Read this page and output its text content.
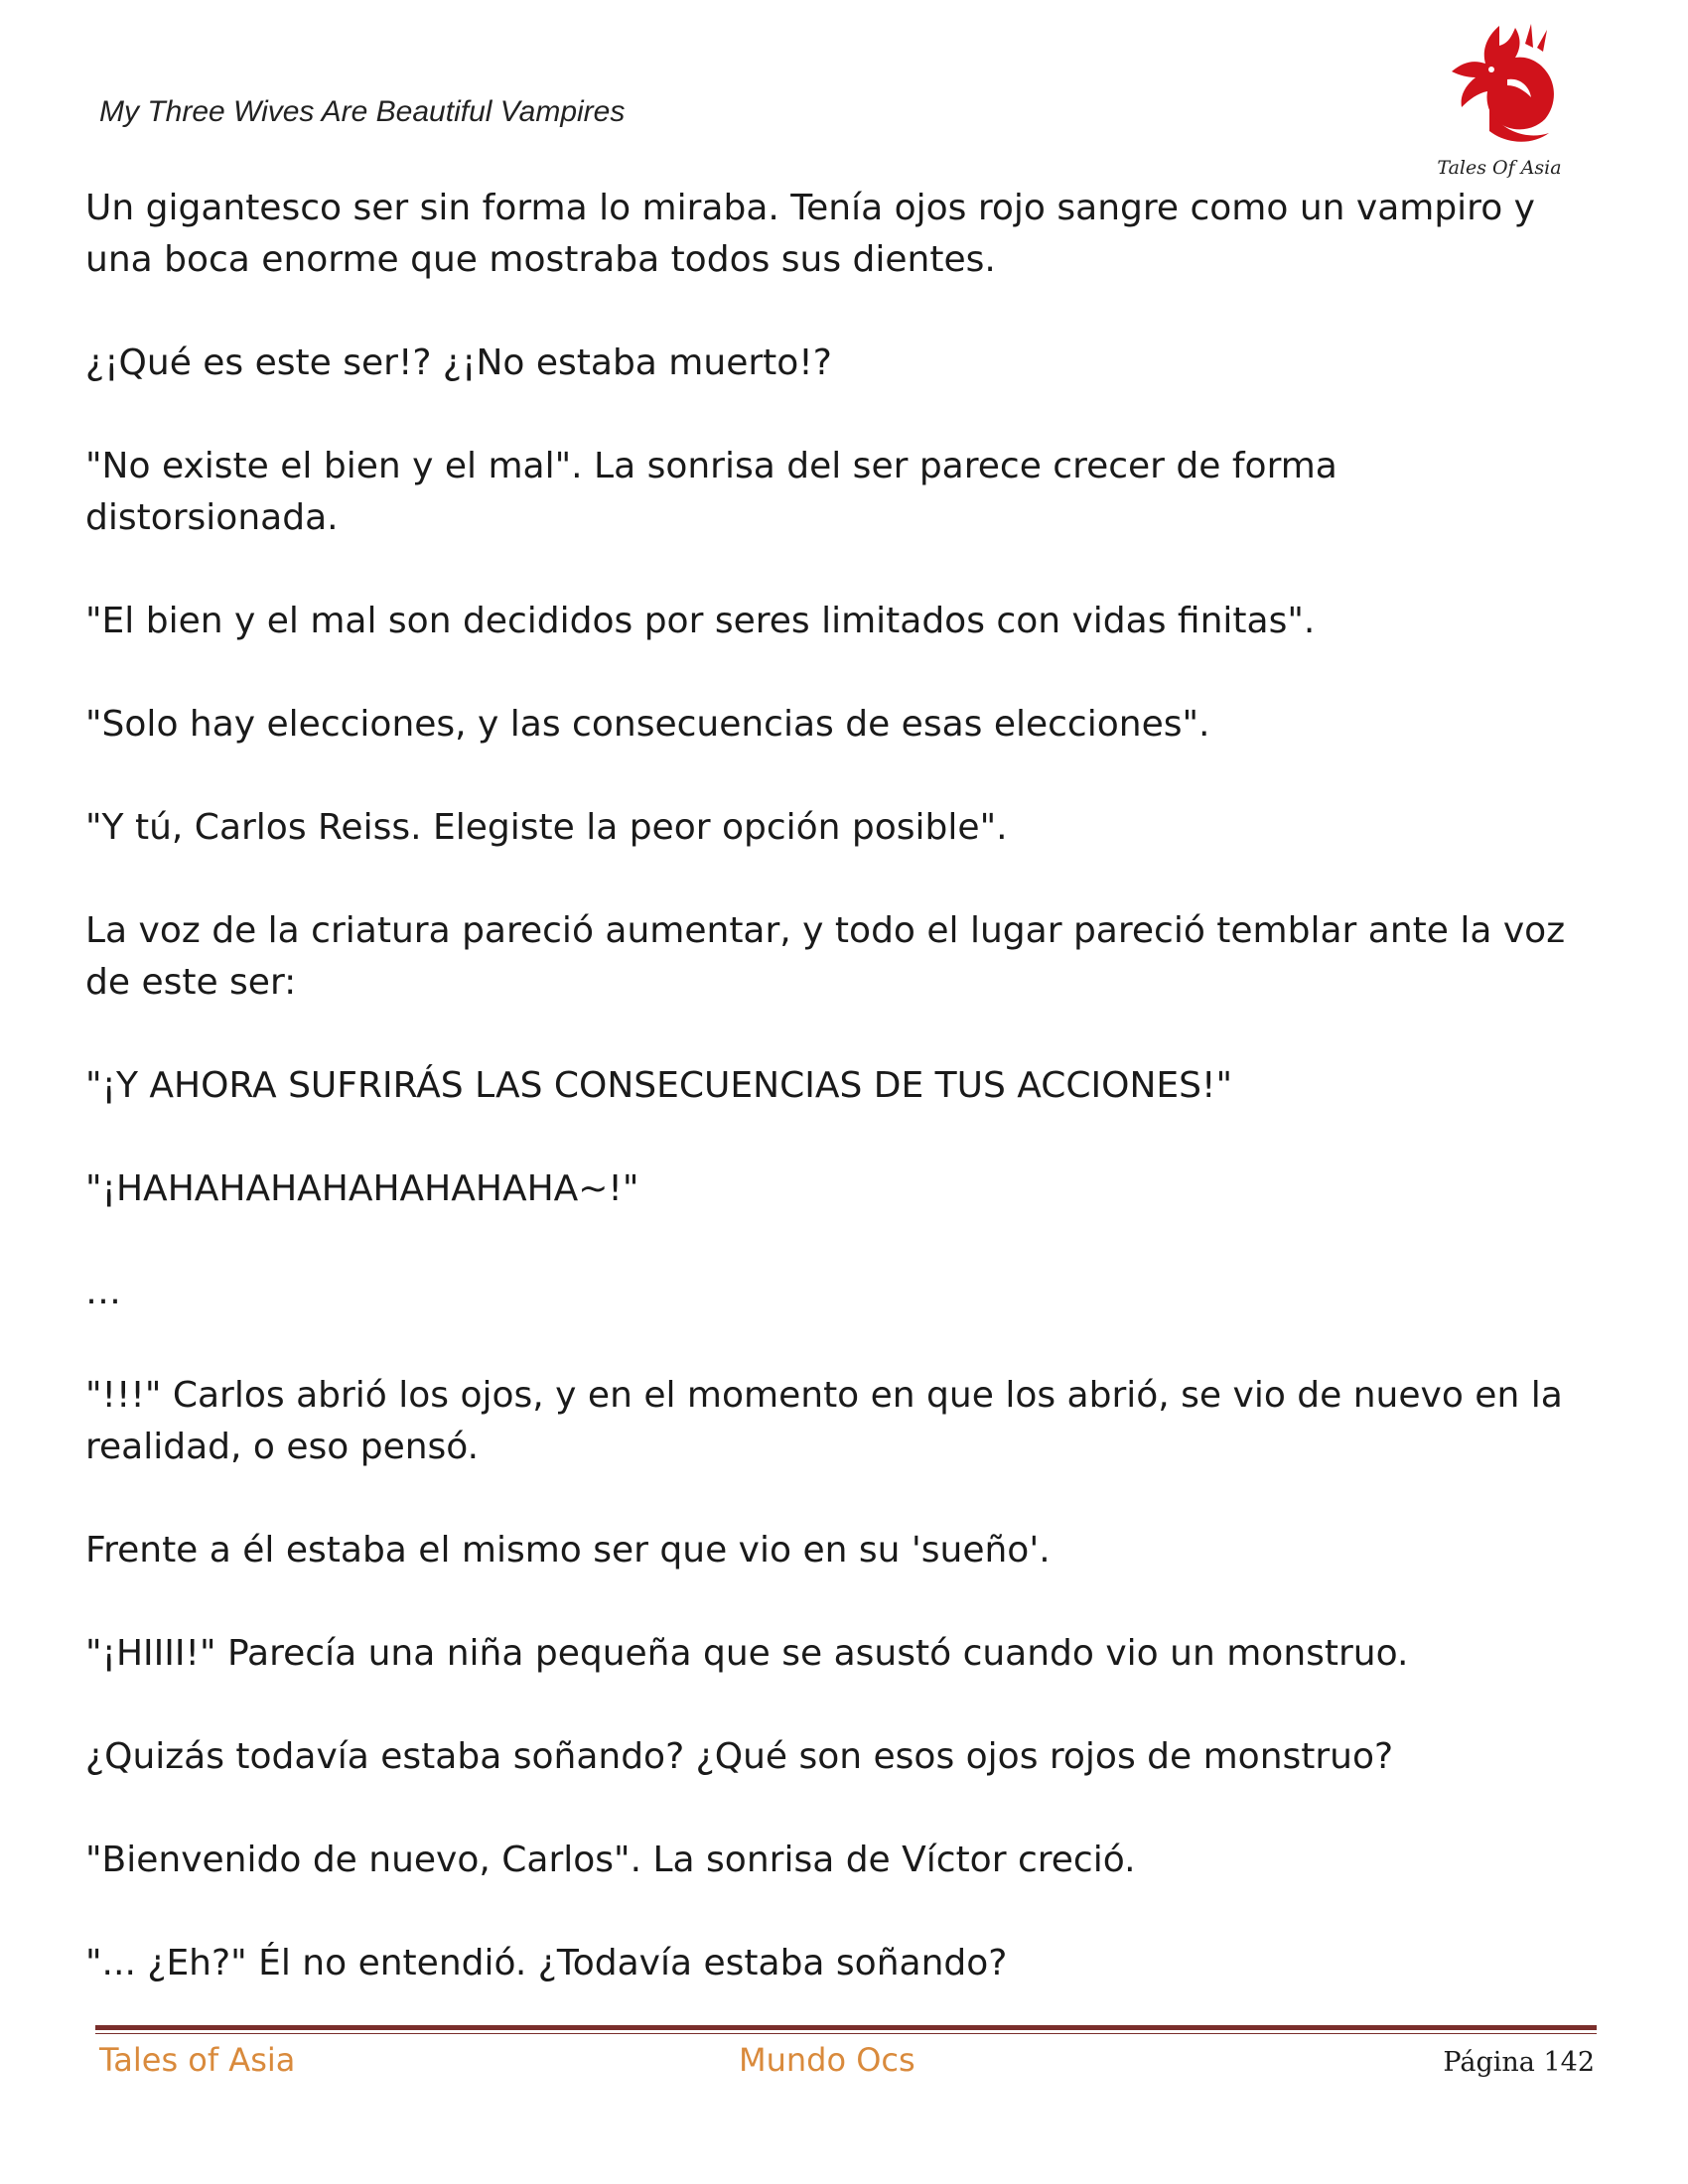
My Three Wives Are Beautiful Vampires
Tales Of Asia

Un gigantesco ser sin forma lo miraba. Tenía ojos rojo sangre como un vampiro y una boca enorme que mostraba todos sus dientes.

¿¡Qué es este ser!? ¿¡No estaba muerto!?

"No existe el bien y el mal". La sonrisa del ser parece crecer de forma distorsionada.

"El bien y el mal son decididos por seres limitados con vidas finitas".

"Solo hay elecciones, y las consecuencias de esas elecciones".

"Y tú, Carlos Reiss. Elegiste la peor opción posible".

La voz de la criatura pareció aumentar, y todo el lugar pareció temblar ante la voz de este ser:

"¡Y AHORA SUFRIRÁS LAS CONSECUENCIAS DE TUS ACCIONES!"

"¡HAHAHAHAHAHAHAHAHA~!"

…

"!!!" Carlos abrió los ojos, y en el momento en que los abrió, se vio de nuevo en la realidad, o eso pensó.

Frente a él estaba el mismo ser que vio en su 'sueño'.

"¡HIIII!" Parecía una niña pequeña que se asustó cuando vio un monstruo.

¿Quizás todavía estaba soñando? ¿Qué son esos ojos rojos de monstruo?

"Bienvenido de nuevo, Carlos". La sonrisa de Víctor creció.

"... ¿Eh?" Él no entendió. ¿Todavía estaba soñando?

Tales of Asia	Mundo Ocs	Página 142
